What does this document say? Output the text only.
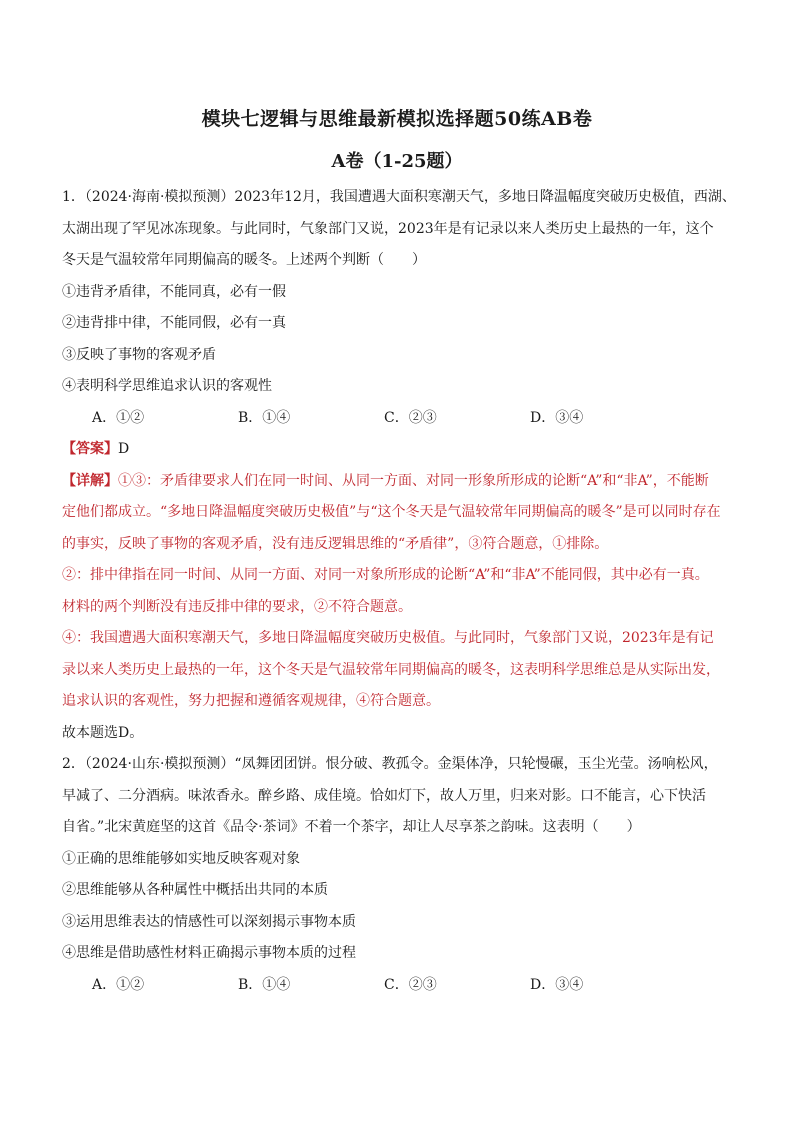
模块七逻辑与思维最新模拟选择题50练AB卷
A卷（1-25题）

1．（2024·海南·模拟预测）2023年12月，我国遭遇大面积寒潮天气，多地日降温幅度突破历史极值，西湖、

太湖出现了罕见冰冻现象。与此同时，气象部门又说，2023年是有记录以来人类历史上最热的一年，这个

冬天是气温较常年同期偏高的暖冬。上述两个判断（　　）

①违背矛盾律，不能同真，必有一假

②违背排中律，不能同假，必有一真

③反映了事物的客观矛盾

④表明科学思维追求认识的客观性

A．①②	B．①④	C．②③	D．③④

【答案】D

【详解】①③：矛盾律要求人们在同一时间、从同一方面、对同一形象所形成的论断“A”和“非A”，不能断

定他们都成立。“多地日降温幅度突破历史极值”与“这个冬天是气温较常年同期偏高的暖冬”是可以同时存在

的事实，反映了事物的客观矛盾，没有违反逻辑思维的“矛盾律”，③符合题意，①排除。

②：排中律指在同一时间、从同一方面、对同一对象所形成的论断“A”和“非A”不能同假，其中必有一真。

材料的两个判断没有违反排中律的要求，②不符合题意。

④：我国遭遇大面积寒潮天气，多地日降温幅度突破历史极值。与此同时，气象部门又说，2023年是有记

录以来人类历史上最热的一年，这个冬天是气温较常年同期偏高的暖冬，这表明科学思维总是从实际出发，

追求认识的客观性，努力把握和遵循客观规律，④符合题意。

故本题选D。

2．（2024·山东·模拟预测）“凤舞团团饼。恨分破、教孤令。金渠体净，只轮慢碾，玉尘光莹。汤响松风，

早减了、二分酒病。味浓香永。醉乡路、成佳境。恰如灯下，故人万里，归来对影。口不能言，心下快活

自省。”北宋黄庭坚的这首《品令·茶词》不着一个茶字，却让人尽享茶之韵味。这表明（　　）

①正确的思维能够如实地反映客观对象

②思维能够从各种属性中概括出共同的本质

③运用思维表达的情感性可以深刻揭示事物本质

④思维是借助感性材料正确揭示事物本质的过程

A．①②	B．①④	C．②③	D．③④
